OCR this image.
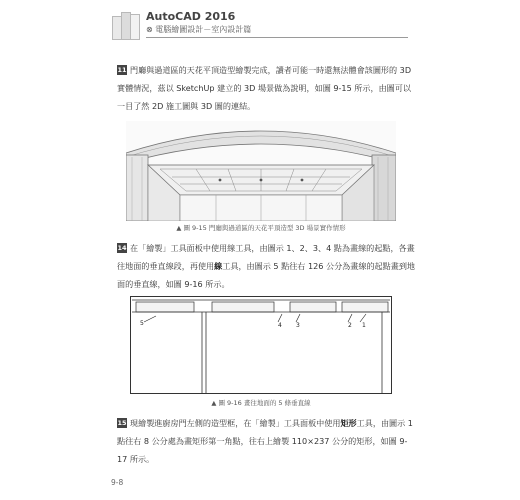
AutoCAD 2016
⊗ 電腦繪圖設計－室內設計篇
11 門廳與過道區的天花平頂造型繪製完成，讀者可能一時還無法體會該圖形的 3D 實體情況，茲以 SketchUp 建立的 3D 場景做為說明，如圖 9-15 所示，由圖可以一目了然 2D 施工圖與 3D 圖的連結。
▲ 圖 9-15 門廳與過道區的天花平頂造型 3D 場景實作情形
14 在「繪製」工具面板中使用線工具，由圖示 1、2、3、4 點為畫線的起點，各畫往地面的垂直線段，再使用線工具，由圖示 5 點往右 126 公分為畫線的起點畫到地面的垂直線，如圖 9-16 所示。
5	4 3	2 1
▲ 圖 9-16 畫往地面的 5 條垂直線
15 現繪製進廚房門左側的造型框，在「繪製」工具面板中使用矩形工具，由圖示 1 點往右 8 公分處為畫矩形第一角點，往右上繪製 110×237 公分的矩形，如圖 9-17 所示。
9-8
